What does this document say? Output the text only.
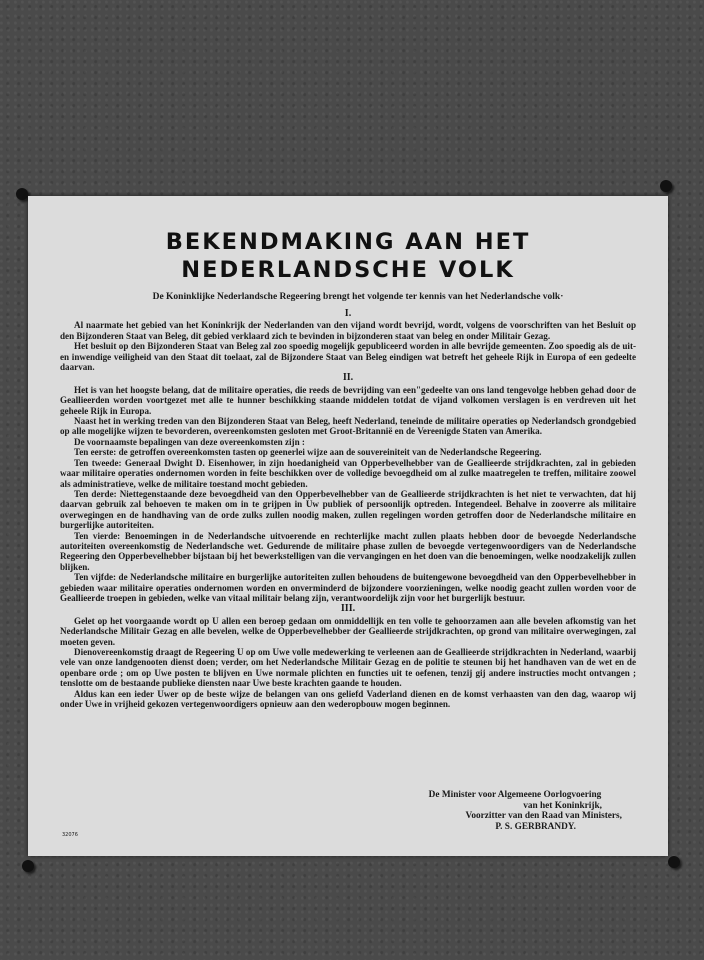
BEKENDMAKING AAN HET
NEDERLANDSCHE VOLK
De Koninklijke Nederlandsche Regeering brengt het volgende ter kennis van het Nederlandsche volk·

I.

Al naarmate het gebied van het Koninkrijk der Nederlanden van den vijand wordt bevrijd, wordt, volgens de voorschriften van het Besluit op den Bijzonderen Staat van Beleg, dit gebied verklaard zich te bevinden in bijzonderen staat van beleg en onder Militair Gezag.

Het besluit op den Bijzonderen Staat van Beleg zal zoo spoedig mogelijk gepubliceerd worden in alle bevrijde gemeenten. Zoo spoedig als de uit- en inwendige veiligheid van den Staat dit toelaat, zal de Bijzondere Staat van Beleg eindigen wat betreft het geheele Rijk in Europa of een gedeelte daarvan.

II.

Het is van het hoogste belang, dat de militaire operaties, die reeds de bevrijding van een"gedeelte van ons land tengevolge hebben gehad door de Geallieerden worden voortgezet met alle te hunner beschikking staande middelen totdat de vijand volkomen verslagen is en verdreven uit het geheele Rijk in Europa.

Naast het in werking treden van den Bijzonderen Staat van Beleg, heeft Nederland, teneinde de militaire operaties op Nederlandsch grondgebied op alle mogelijke wijzen te bevorderen, overeenkomsten gesloten met Groot-Britannië en de Vereenigde Staten van Amerika.

De voornaamste bepalingen van deze overeenkomsten zijn :

Ten eerste: de getroffen overeenkomsten tasten op geenerlei wijze aan de souvereiniteit van de Nederlandsche Regeering.

Ten tweede: Generaal Dwight D. Eisenhower, in zijn hoedanigheid van Opperbevelhebber van de Geallieerde strijdkrachten, zal in gebieden waar militaire operaties ondernomen worden in feite beschikken over de volledige bevoegdheid om al zulke maatregelen te treffen, militaire zoowel als administratieve, welke de militaire toestand mocht gebieden.

Ten derde: Niettegenstaande deze bevoegdheid van den Opperbevelhebber van de Geallieerde strijdkrachten is het niet te verwachten, dat hij daarvan gebruik zal behoeven te maken om in te grijpen in Uw publiek of persoonlijk optreden. Integendeel. Behalve in zooverre als militaire overwegingen en de handhaving van de orde zulks zullen noodig maken, zullen regelingen worden getroffen door de Nederlandsche militaire en burgerlijke autoriteiten.

Ten vierde: Benoemingen in de Nederlandsche uitvoerende en rechterlijke macht zullen plaats hebben door de bevoegde Nederlandsche autoriteiten overeenkomstig de Nederlandsche wet. Gedurende de militaire phase zullen de bevoegde vertegenwoordigers van de Nederlandsche Regeering den Opperbevelhebber bijstaan bij het bewerkstelligen van die vervangingen en het doen van die benoemingen, welke noodzakelijk zullen blijken.

Ten vijfde: de Nederlandsche militaire en burgerlijke autoriteiten zullen behoudens de buitengewone bevoegdheid van den Opperbevelhebber in gebieden waar militaire operaties ondernomen worden en onverminderd de bijzondere voorzieningen, welke noodig geacht zullen worden voor de Geallieerde troepen in gebieden, welke van vitaal militair belang zijn, verantwoordelijk zijn voor het burgerlijk bestuur.

III.

Gelet op het voorgaande wordt op U allen een beroep gedaan om onmiddellijk en ten volle te gehoorzamen aan alle bevelen afkomstig van het Nederlandsche Militair Gezag en alle bevelen, welke de Opperbevelhebber der Geallieerde strijdkrachten, op grond van militaire overwegingen, zal moeten geven.

Dienovereenkomstig draagt de Regeering U op om Uwe volle medewerking te verleenen aan de Geallieerde strijdkrachten in Nederland, waarbij vele van onze landgenooten dienst doen; verder, om het Nederlandsche Militair Gezag en de politie te steunen bij het handhaven van de wet en de openbare orde ; om op Uwe posten te blijven en Uwe normale plichten en functies uit te oefenen, tenzij gij andere instructies mocht ontvangen ; tenslotte om de bestaande publieke diensten naar Uwe beste krachten gaande te houden.

Aldus kan een ieder Uwer op de beste wijze de belangen van ons geliefd Vaderland dienen en de komst verhaasten van den dag, waarop wij onder Uwe in vrijheid gekozen vertegenwoordigers opnieuw aan den wederopbouw mogen beginnen.

De Minister voor Algemeene Oorlogvoering
van het Koninkrijk,
Voorzitter van den Raad van Ministers,
P. S. GERBRANDY.
32076
